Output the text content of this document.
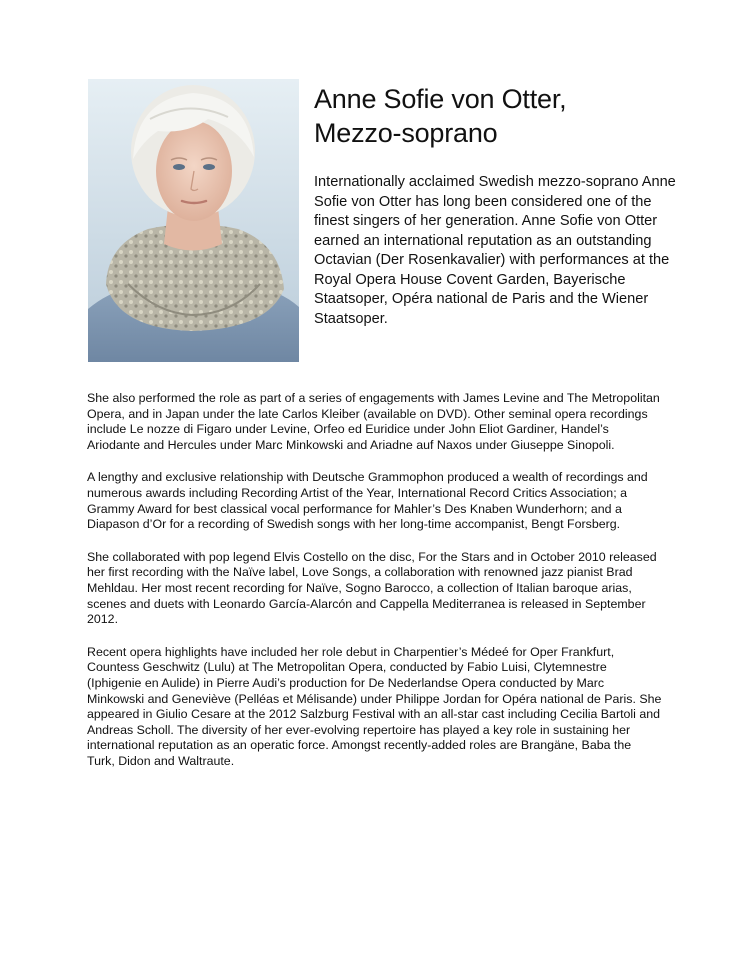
Anne Sofie von Otter,
Mezzo-soprano

Internationally acclaimed Swedish mezzo-soprano Anne Sofie von Otter has long been considered one of the finest singers of her generation. Anne Sofie von Otter earned an international reputation as an outstanding Octavian (Der Rosenkavalier) with performances at the Royal Opera House Covent Garden, Bayerische Staatsoper, Opéra national de Paris and the Wiener Staatsoper.

She also performed the role as part of a series of engagements with James Levine and The Metropolitan Opera, and in Japan under the late Carlos Kleiber (available on DVD). Other seminal opera recordings include Le nozze di Figaro under Levine, Orfeo ed Euridice under John Eliot Gardiner, Handel’s Ariodante and Hercules under Marc Minkowski and Ariadne auf Naxos under Giuseppe Sinopoli.

A lengthy and exclusive relationship with Deutsche Grammophon produced a wealth of recordings and numerous awards including Recording Artist of the Year, International Record Critics Association; a Grammy Award for best classical vocal performance for Mahler’s Des Knaben Wunderhorn; and a Diapason d’Or for a recording of Swedish songs with her long-time accompanist, Bengt Forsberg.

She collaborated with pop legend Elvis Costello on the disc, For the Stars and in October 2010 released her first recording with the Naïve label, Love Songs, a collaboration with renowned jazz pianist Brad Mehldau. Her most recent recording for Naïve, Sogno Barocco, a collection of Italian baroque arias, scenes and duets with Leonardo García-Alarcón and Cappella Mediterranea is released in September 2012.

Recent opera highlights have included her role debut in Charpentier’s Médeé for Oper Frankfurt, Countess Geschwitz (Lulu) at The Metropolitan Opera, conducted by Fabio Luisi, Clytemnestre (Iphigenie en Aulide) in Pierre Audi’s production for De Nederlandse Opera conducted by Marc Minkowski and Geneviève (Pelléas et Mélisande) under Philippe Jordan for Opéra national de Paris. She appeared in Giulio Cesare at the 2012 Salzburg Festival with an all-star cast including Cecilia Bartoli and Andreas Scholl. The diversity of her ever-evolving repertoire has played a key role in sustaining her international reputation as an operatic force. Amongst recently-added roles are Brangäne, Baba the Turk, Didon and Waltraute.
